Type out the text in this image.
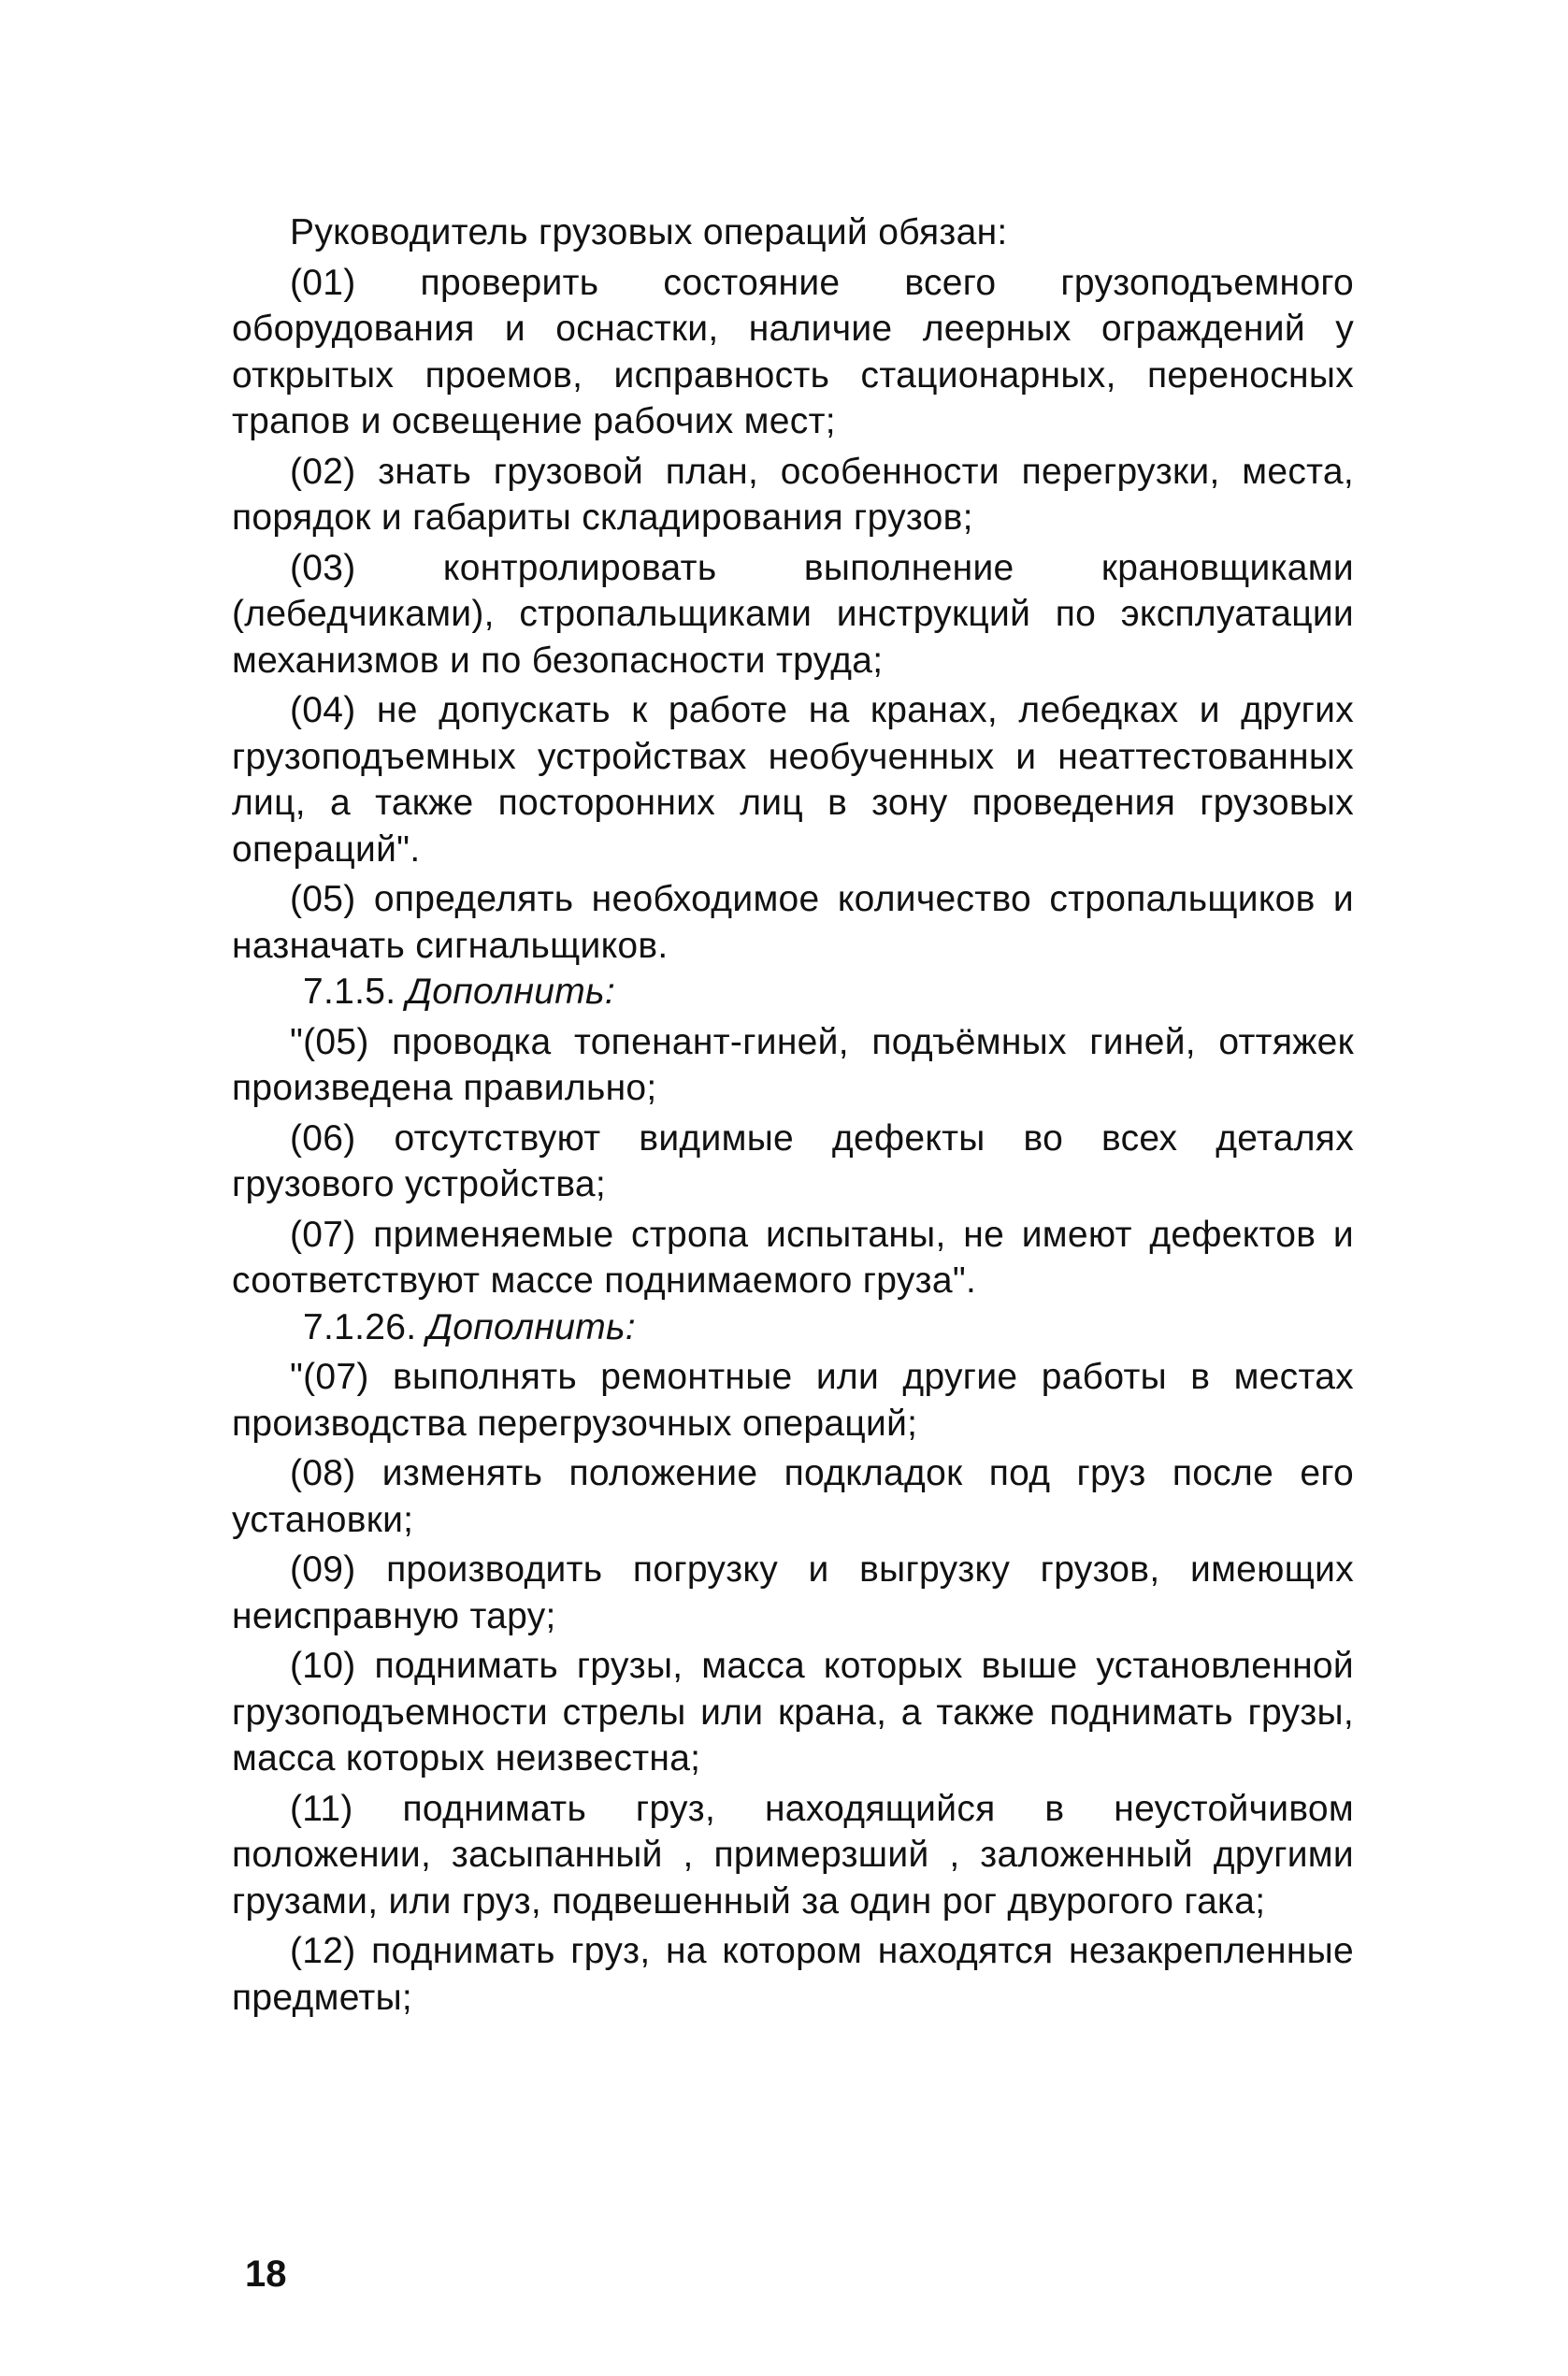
Руководитель грузовых операций обязан:

(01) проверить состояние всего грузоподъемного оборудования и оснастки, наличие леерных ограждений у открытых проемов, исправность стационарных, переносных трапов и освещение рабочих мест;

(02) знать грузовой план, особенности перегрузки, места, порядок и габариты складирования грузов;

(03) контролировать выполнение крановщиками (лебедчиками), стропальщиками инструкций по эксплуатации механизмов и по безопасности труда;

(04) не допускать к работе на кранах, лебедках и других грузоподъемных устройствах необученных и неаттестованных лиц, а также посторонних лиц в зону проведения грузовых операций".

(05) определять необходимое количество стропальщиков и назначать сигнальщиков.

7.1.5. Дополнить:

"(05) проводка топенант-гиней, подъёмных гиней, оттяжек произведена правильно;

(06) отсутствуют видимые дефекты во всех деталях грузового устройства;

(07) применяемые стропа испытаны, не имеют дефектов и соответствуют массе поднимаемого груза".

7.1.26. Дополнить:

"(07) выполнять ремонтные или другие работы в местах производства перегрузочных операций;

(08) изменять положение подкладок под груз после его установки;

(09) производить погрузку и выгрузку грузов, имеющих неисправную тару;

(10) поднимать грузы, масса которых выше установленной грузоподъемности стрелы или крана, а также поднимать грузы, масса которых неизвестна;

(11) поднимать груз, находящийся в неустойчивом положении, засыпанный , примерзший , заложенный другими грузами, или груз, подвешенный за один рог двурогого гака;

(12) поднимать груз, на котором находятся незакрепленные предметы;

18
